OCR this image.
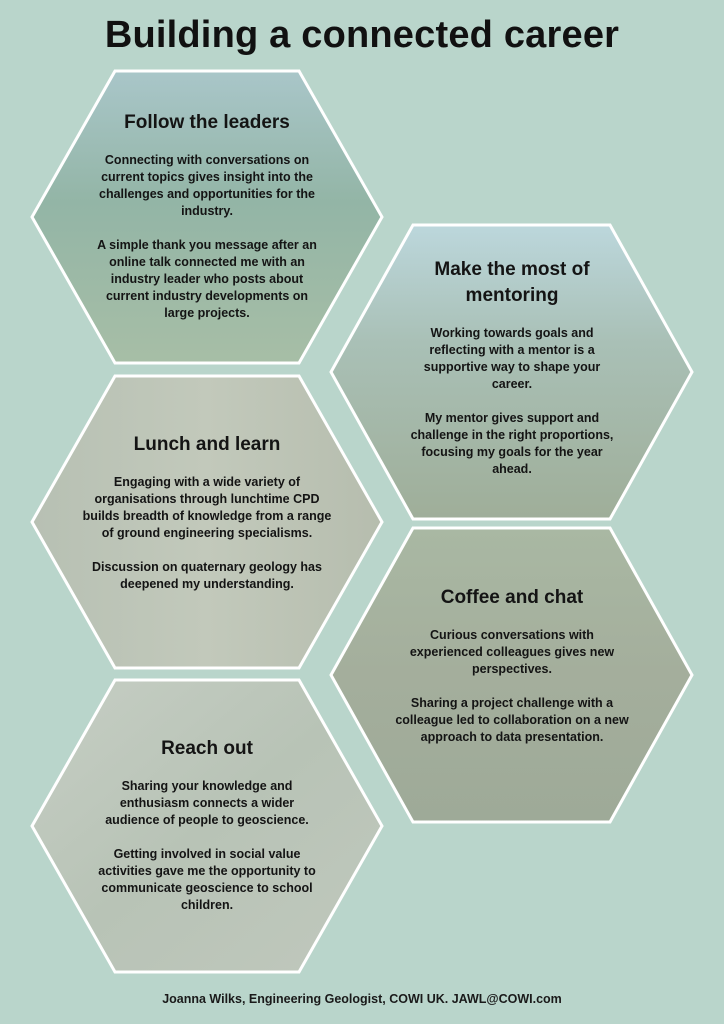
Building a connected career
Follow the leaders

Connecting with conversations on current topics gives insight into the challenges and opportunities for the industry.

A simple thank you message after an online talk connected me with an industry leader who posts about current industry developments on large projects.

Make the most of mentoring

Working towards goals and reflecting with a mentor is a supportive way to shape your career.

My mentor gives support and challenge in the right proportions, focusing my goals for the year ahead.

Lunch and learn

Engaging with a wide variety of organisations through lunchtime CPD builds breadth of knowledge from a range of ground engineering specialisms.

Discussion on quaternary geology has deepened my understanding.

Coffee and chat

Curious conversations with experienced colleagues gives new perspectives.

Sharing a project challenge with a colleague led to collaboration on a new approach to data presentation.

Reach out

Sharing your knowledge and enthusiasm connects a wider audience of people to geoscience.

Getting involved in social value activities gave me the opportunity to communicate geoscience to school children.

Joanna Wilks, Engineering Geologist, COWI UK. JAWL@COWI.com
